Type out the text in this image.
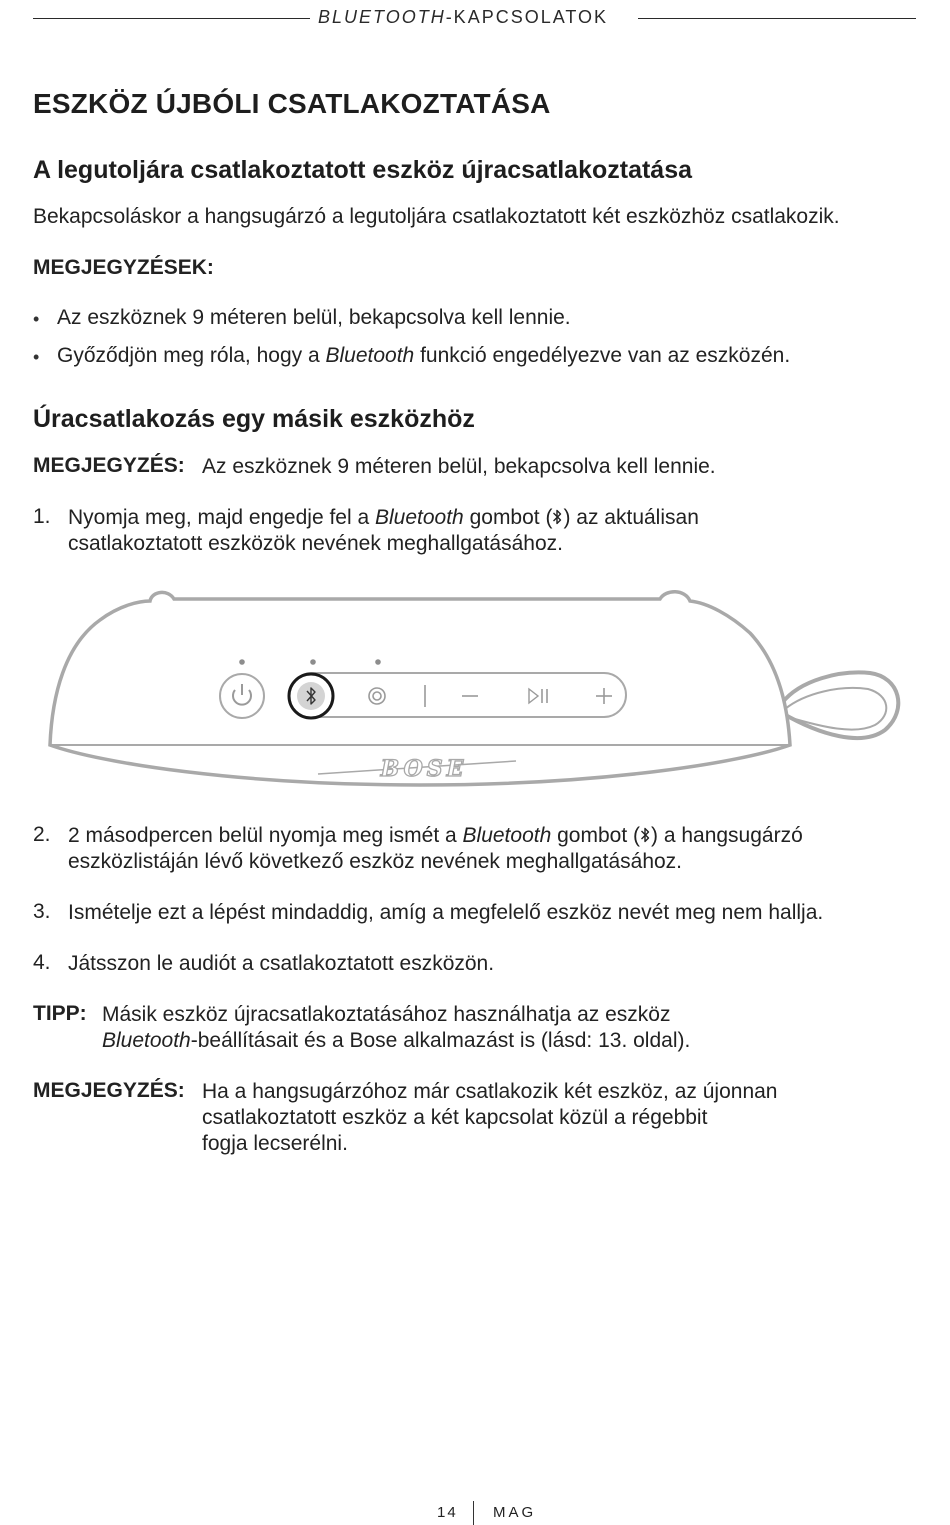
BLUETOOTH-KAPCSOLATOK
ESZKÖZ ÚJBÓLI CSATLAKOZTATÁSA
A legutoljára csatlakoztatott eszköz újracsatlakoztatása
Bekapcsoláskor a hangsugárzó a legutoljára csatlakoztatott két eszközhöz csatlakozik.
MEGJEGYZÉSEK:
• Az eszköznek 9 méteren belül, bekapcsolva kell lennie.
• Győződjön meg róla, hogy a Bluetooth funkció engedélyezve van az eszközén.
Úracsatlakozás egy másik eszközhöz
MEGJEGYZÉS: Az eszköznek 9 méteren belül, bekapcsolva kell lennie.
1. Nyomja meg, majd engedje fel a Bluetooth gombot ( ) az aktuálisan
csatlakoztatott eszközök nevének meghallgatásához.
BOSE
2. 2 másodpercen belül nyomja meg ismét a Bluetooth gombot ( ) a hangsugárzó
eszközlistáján lévő következő eszköz nevének meghallgatásához.
3. Ismételje ezt a lépést mindaddig, amíg a megfelelő eszköz nevét meg nem hallja.
4. Játsszon le audiót a csatlakoztatott eszközön.
TIPP: Másik eszköz újracsatlakoztatásához használhatja az eszköz
Bluetooth-beállításait és a Bose alkalmazást is (lásd: 13. oldal).
MEGJEGYZÉS: Ha a hangsugárzóhoz már csatlakozik két eszköz, az újonnan
csatlakoztatott eszköz a két kapcsolat közül a régebbit
fogja lecserélni.
14 MAG
